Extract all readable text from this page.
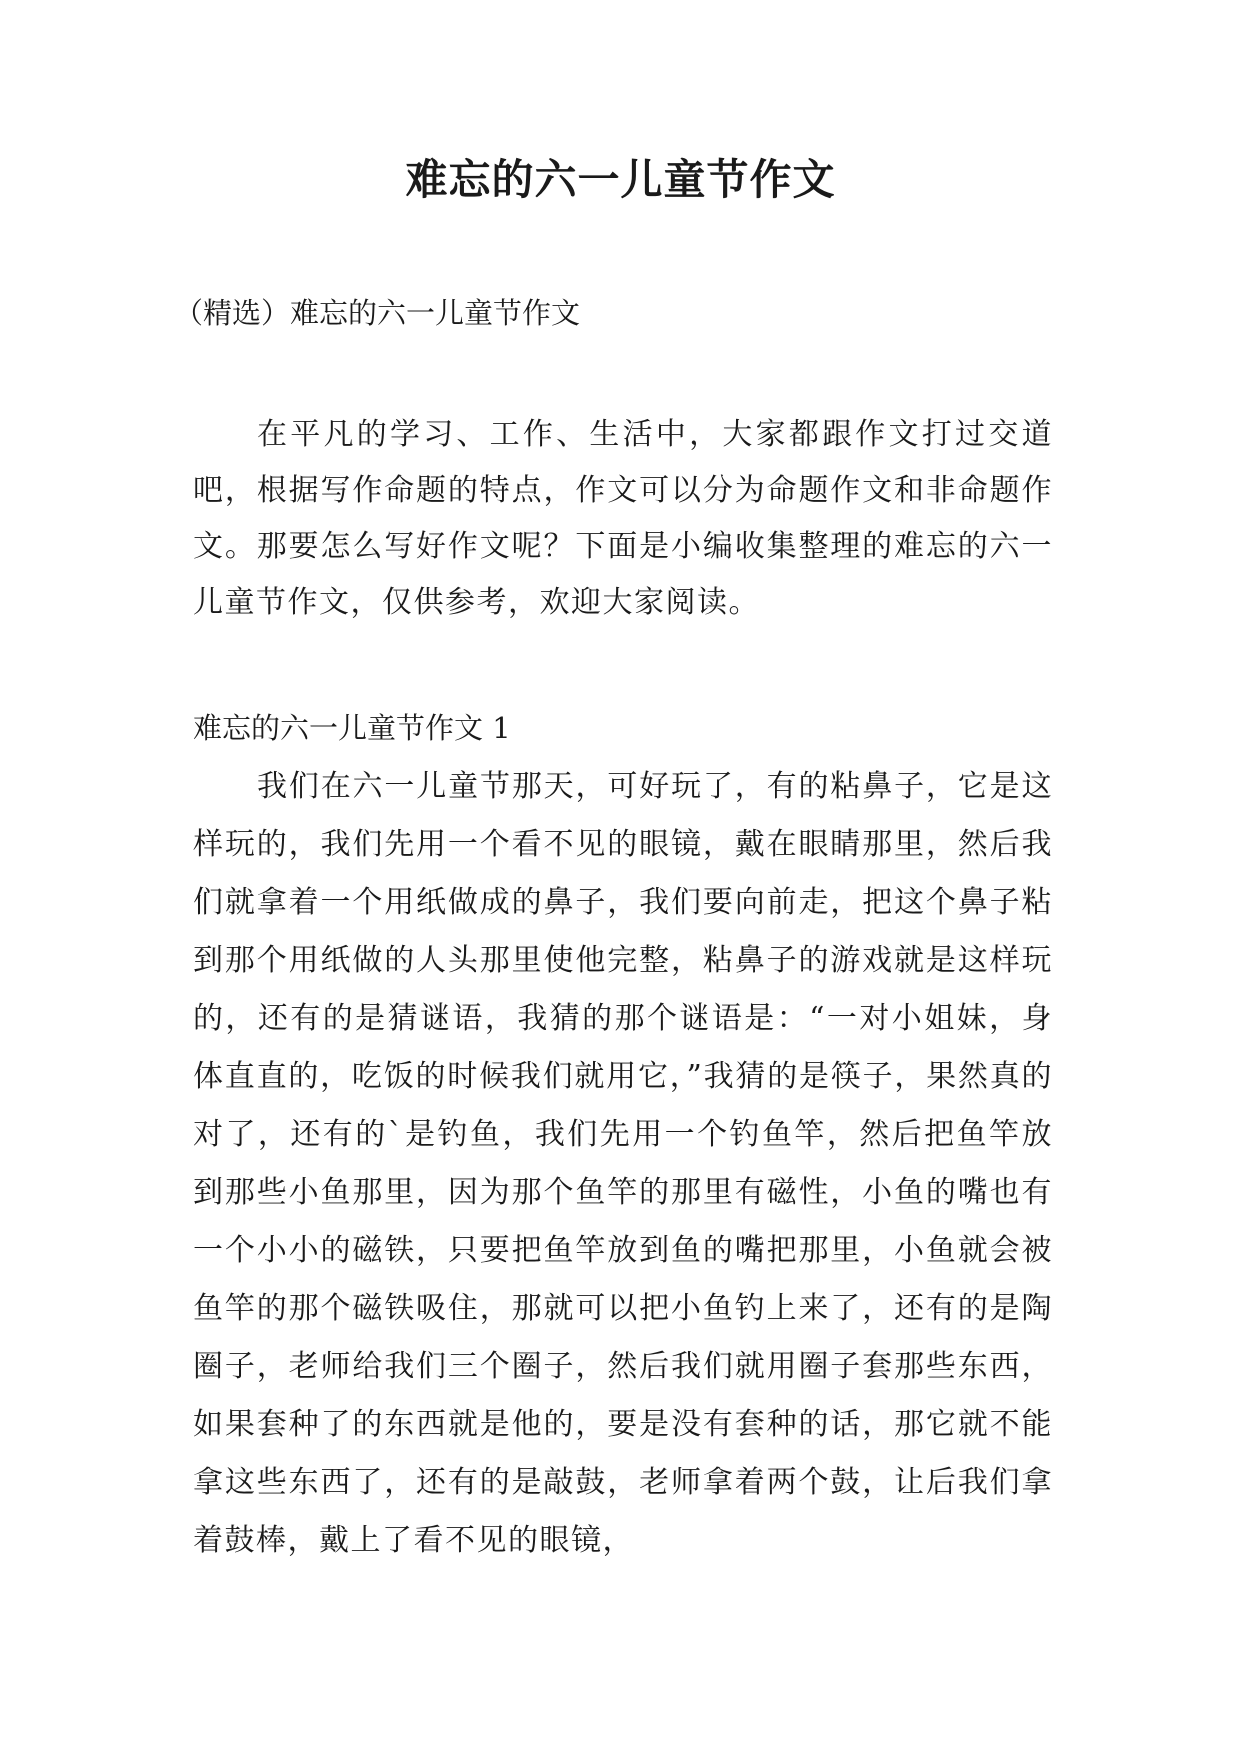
难忘的六一儿童节作文

（精选）难忘的六一儿童节作文

在平凡的学习、工作、生活中，大家都跟作文打过交道吧，根据写作命题的特点，作文可以分为命题作文和非命题作文。那要怎么写好作文呢？下面是小编收集整理的难忘的六一儿童节作文，仅供参考，欢迎大家阅读。

难忘的六一儿童节作文 1

我们在六一儿童节那天，可好玩了，有的粘鼻子，它是这样玩的，我们先用一个看不见的眼镜，戴在眼睛那里，然后我们就拿着一个用纸做成的鼻子，我们要向前走，把这个鼻子粘到那个用纸做的人头那里使他完整，粘鼻子的游戏就是这样玩的，还有的是猜谜语，我猜的那个谜语是：“一对小姐妹，身体直直的，吃饭的时候我们就用它，”我猜的是筷子，果然真的对了，还有的`是钓鱼，我们先用一个钓鱼竿，然后把鱼竿放到那些小鱼那里，因为那个鱼竿的那里有磁性，小鱼的嘴也有一个小小的磁铁，只要把鱼竿放到鱼的嘴把那里，小鱼就会被鱼竿的那个磁铁吸住，那就可以把小鱼钓上来了，还有的是陶圈子，老师给我们三个圈子，然后我们就用圈子套那些东西，如果套种了的东西就是他的，要是没有套种的话，那它就不能拿这些东西了，还有的是敲鼓，老师拿着两个鼓，让后我们拿着鼓棒，戴上了看不见的眼镜，
